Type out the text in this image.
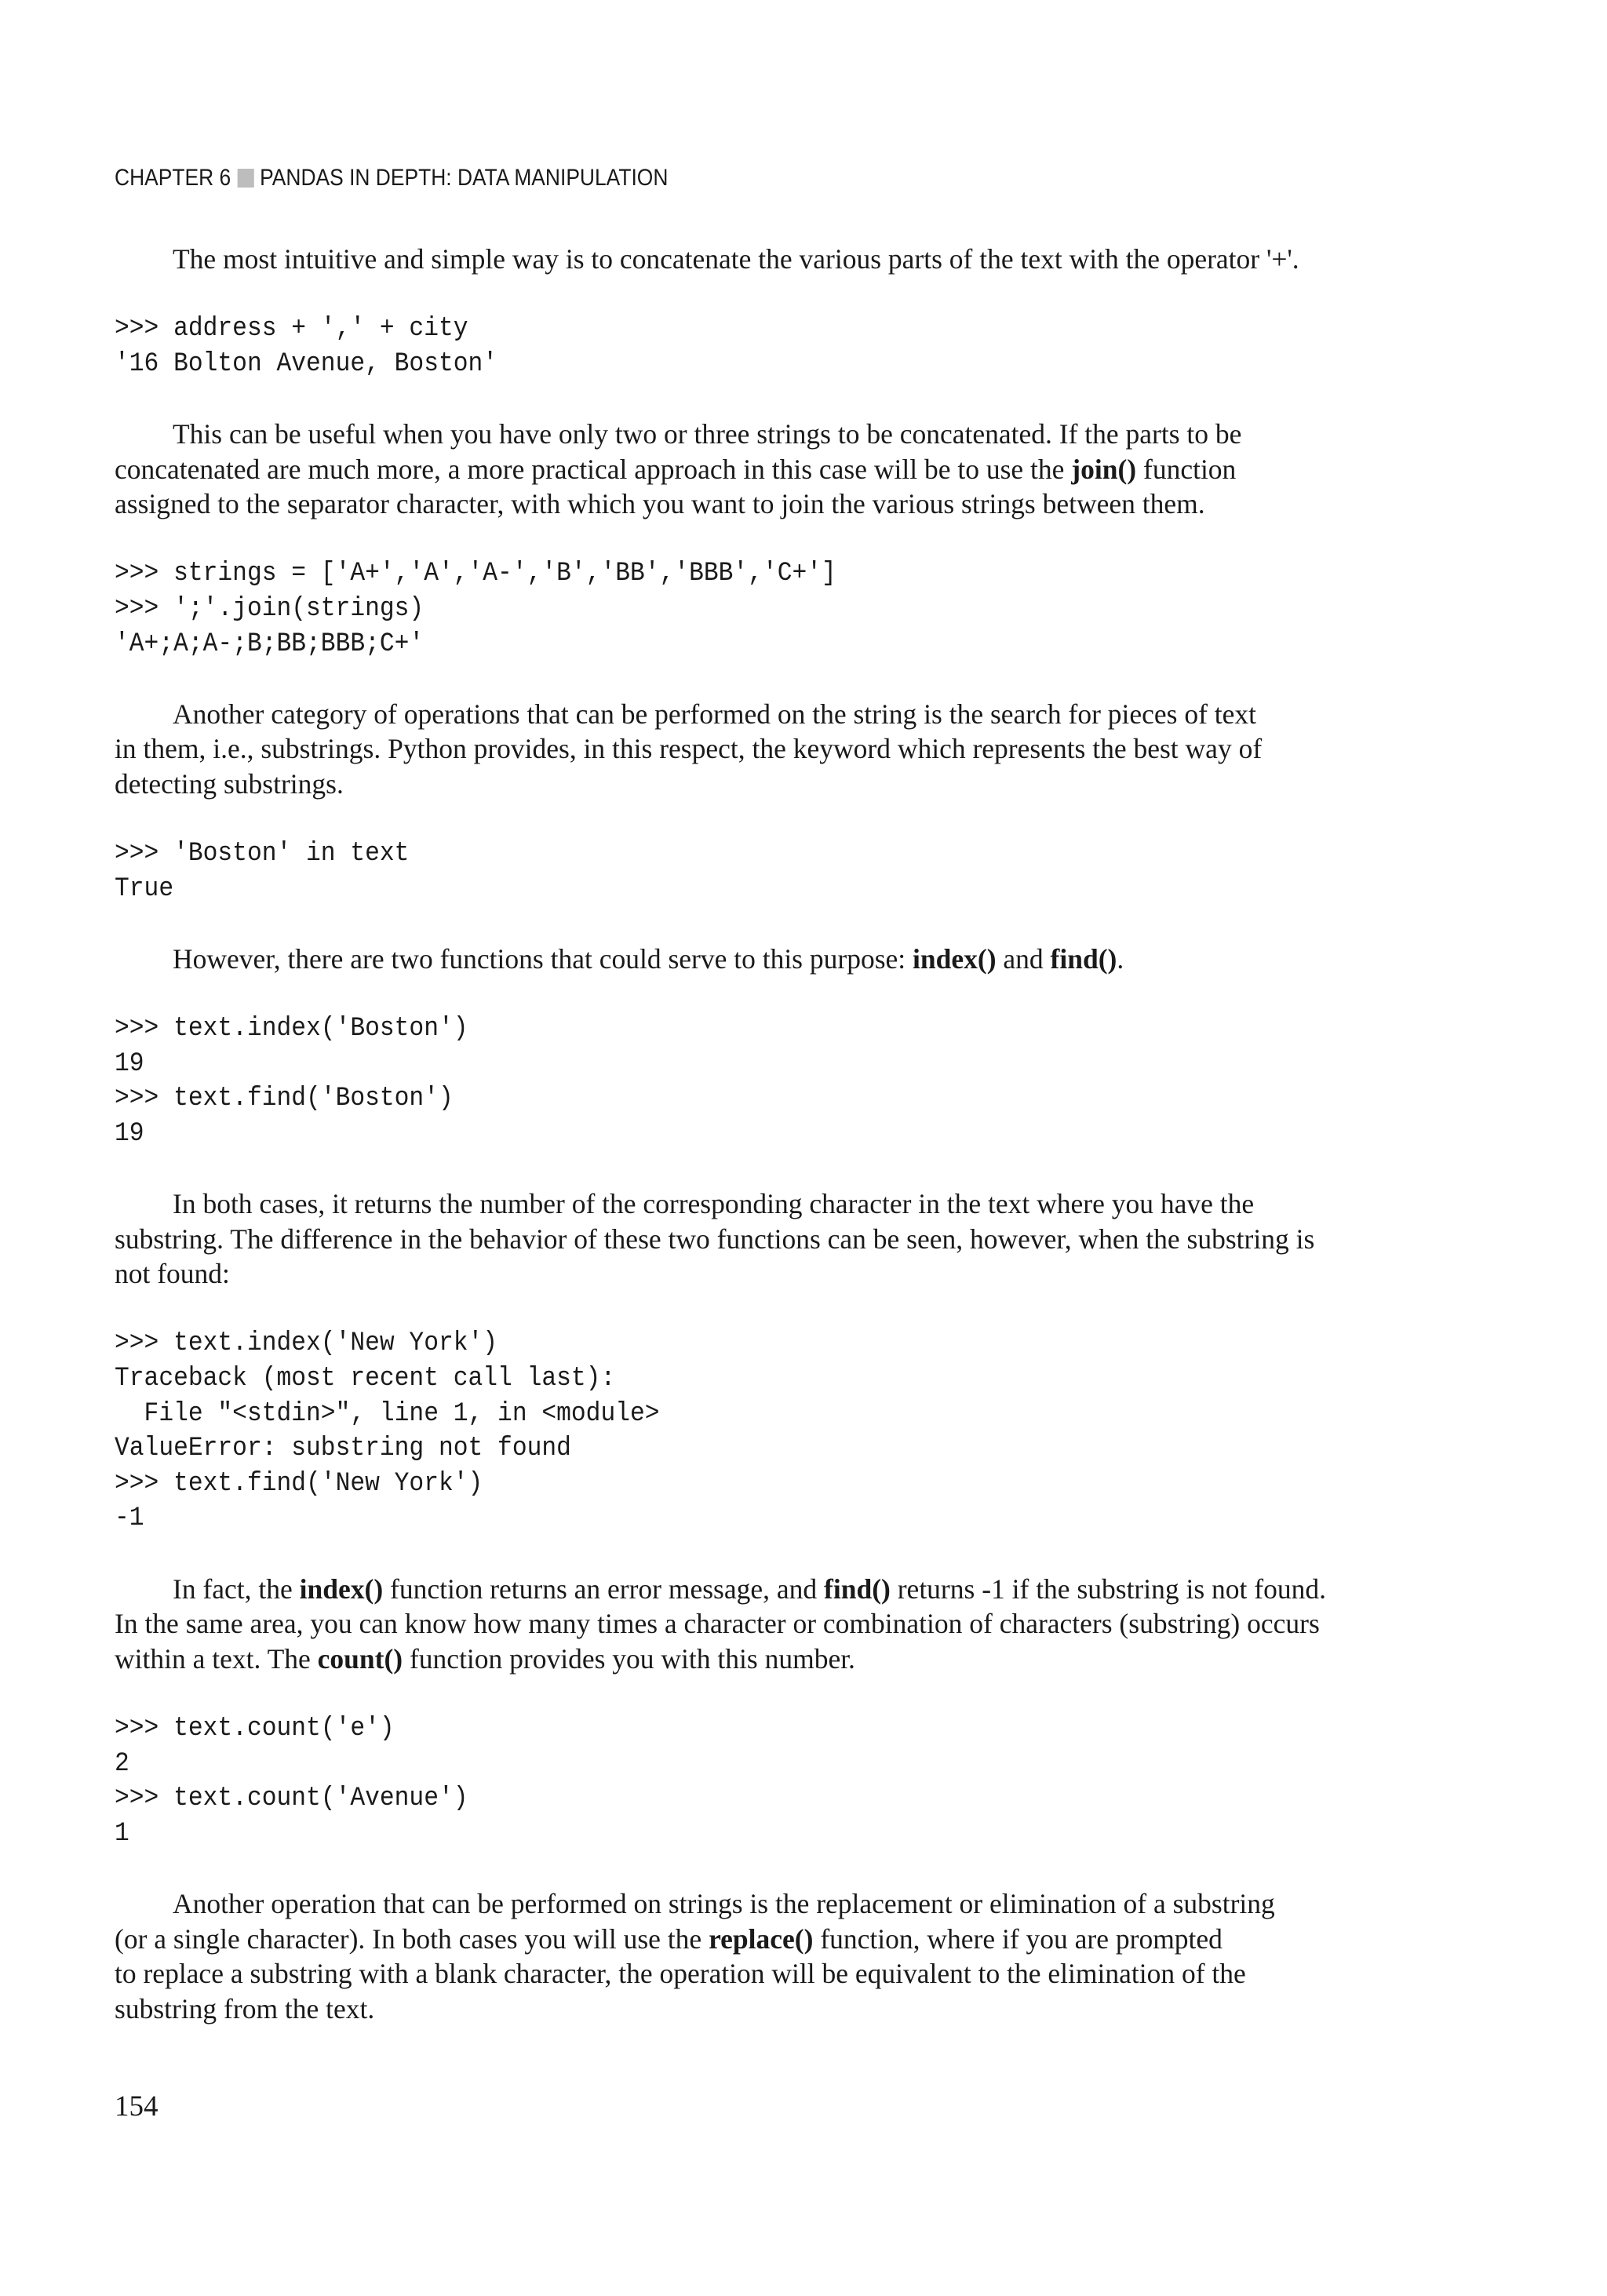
CHAPTER 6 PANDAS IN DEPTH: DATA MANIPULATION

The most intuitive and simple way is to concatenate the various parts of the text with the operator '+'.

>>> address + ',' + city
'16 Bolton Avenue, Boston'

This can be useful when you have only two or three strings to be concatenated. If the parts to be
concatenated are much more, a more practical approach in this case will be to use the join() function
assigned to the separator character, with which you want to join the various strings between them.

>>> strings = ['A+','A','A-','B','BB','BBB','C+']
>>> ';'.join(strings)
'A+;A;A-;B;BB;BBB;C+'

Another category of operations that can be performed on the string is the search for pieces of text
in them, i.e., substrings. Python provides, in this respect, the keyword which represents the best way of
detecting substrings.

>>> 'Boston' in text
True

However, there are two functions that could serve to this purpose: index() and find().

>>> text.index('Boston')
19
>>> text.find('Boston')
19

In both cases, it returns the number of the corresponding character in the text where you have the
substring. The difference in the behavior of these two functions can be seen, however, when the substring is
not found:

>>> text.index('New York')
Traceback (most recent call last):
File "<stdin>", line 1, in <module>
ValueError: substring not found
>>> text.find('New York')
-1

In fact, the index() function returns an error message, and find() returns -1 if the substring is not found.
In the same area, you can know how many times a character or combination of characters (substring) occurs
within a text. The count() function provides you with this number.

>>> text.count('e')
2
>>> text.count('Avenue')
1

Another operation that can be performed on strings is the replacement or elimination of a substring
(or a single character). In both cases you will use the replace() function, where if you are prompted
to replace a substring with a blank character, the operation will be equivalent to the elimination of the
substring from the text.

154
